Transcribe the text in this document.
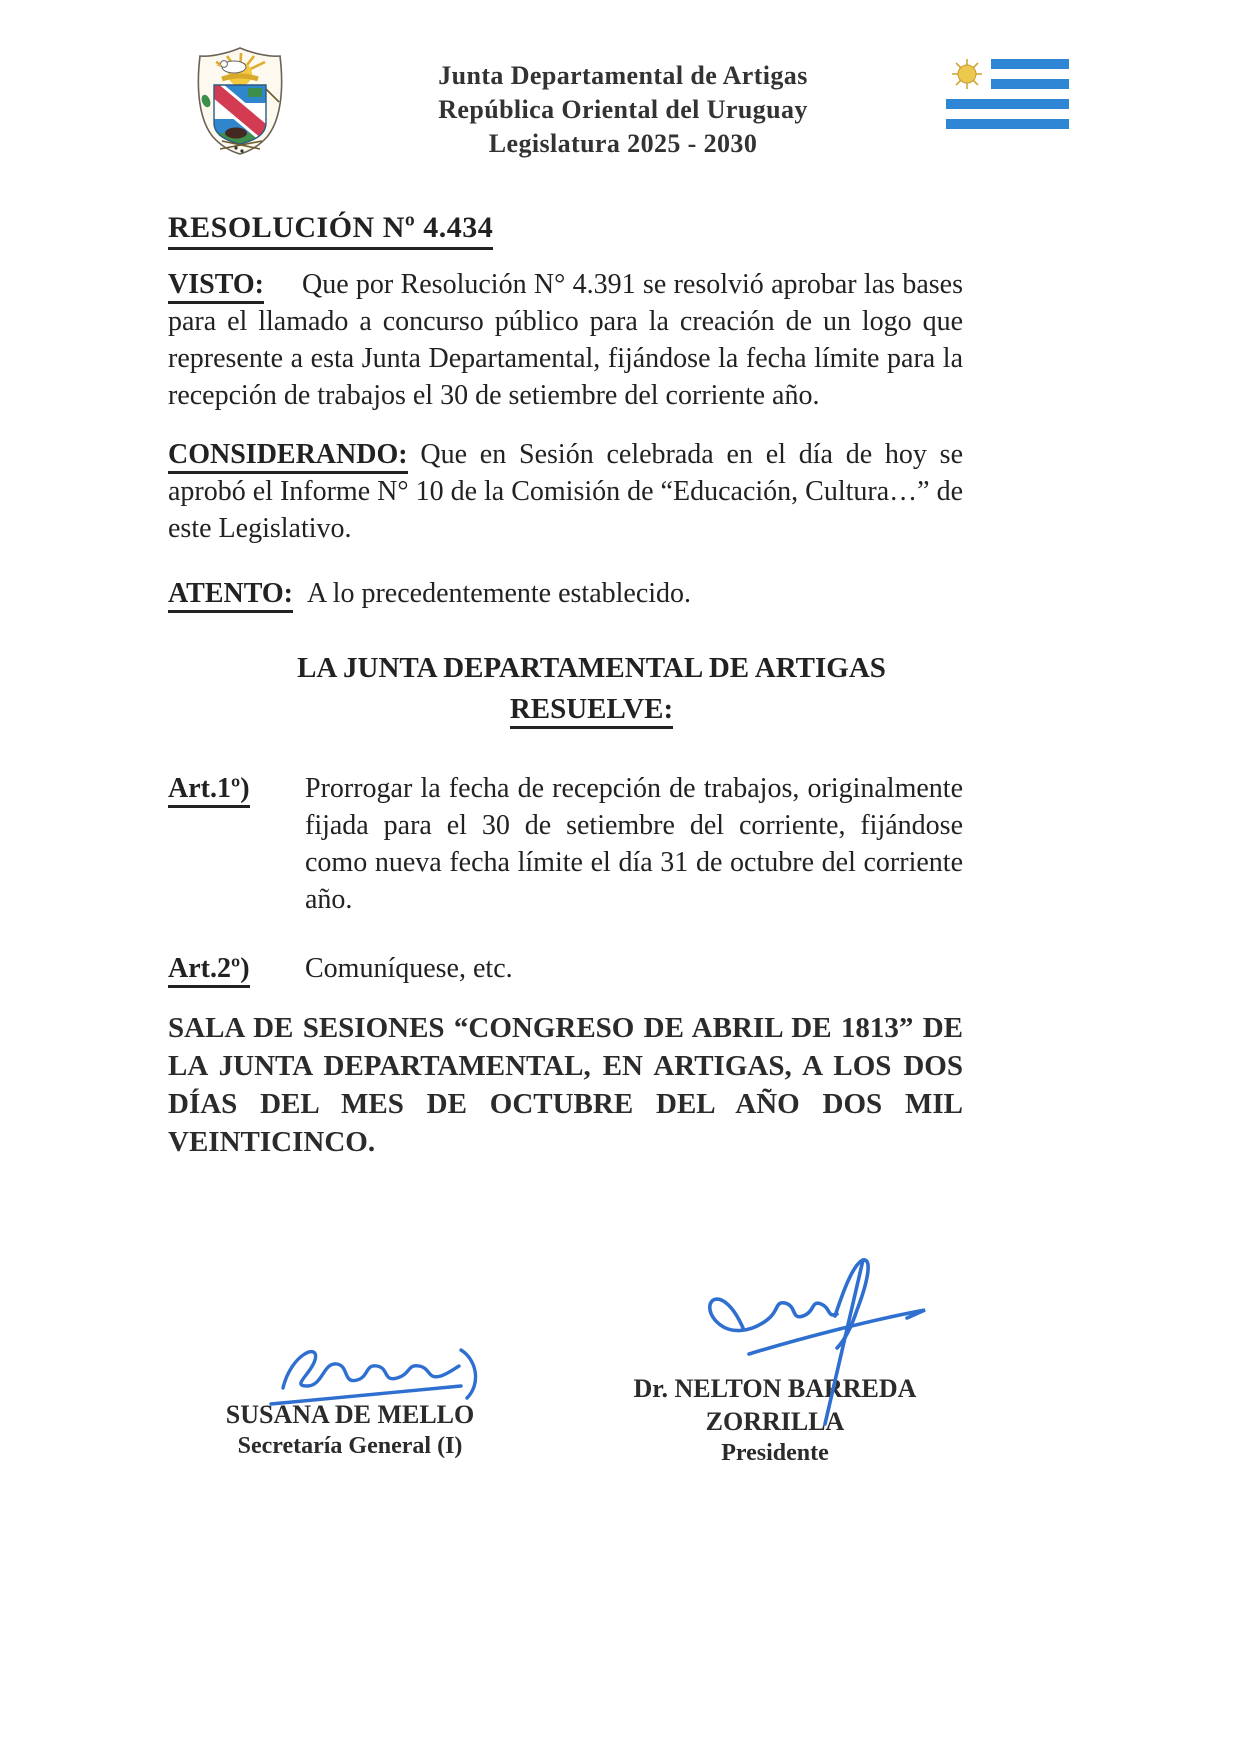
Junta Departamental de Artigas
República Oriental del Uruguay
Legislatura 2025 - 2030
RESOLUCIÓN Nº 4.434

VISTO: Que por Resolución N° 4.391 se resolvió aprobar las bases para el llamado a concurso público para la creación de un logo que represente a esta Junta Departamental, fijándose la fecha límite para la recepción de trabajos el 30 de setiembre del corriente año.

CONSIDERANDO: Que en Sesión celebrada en el día de hoy se aprobó el Informe N° 10 de la Comisión de “Educación, Cultura…” de este Legislativo.

ATENTO: A lo precedentemente establecido.

LA JUNTA DEPARTAMENTAL DE ARTIGAS
RESUELVE:
Art.1º)	Prorrogar la fecha de recepción de trabajos, originalmente fijada para el 30 de setiembre del corriente, fijándose como nueva fecha límite el día 31 de octubre del corriente año.
Art.2º)	Comuníquese, etc.

SALA DE SESIONES “CONGRESO DE ABRIL DE 1813” DE LA JUNTA DEPARTAMENTAL, EN ARTIGAS, A LOS DOS DÍAS DEL MES DE OCTUBRE DEL AÑO DOS MIL VEINTICINCO.

SUSANA DE MELLO
Secretaría General (I)
Dr. NELTON BARREDA ZORRILLA
Presidente
